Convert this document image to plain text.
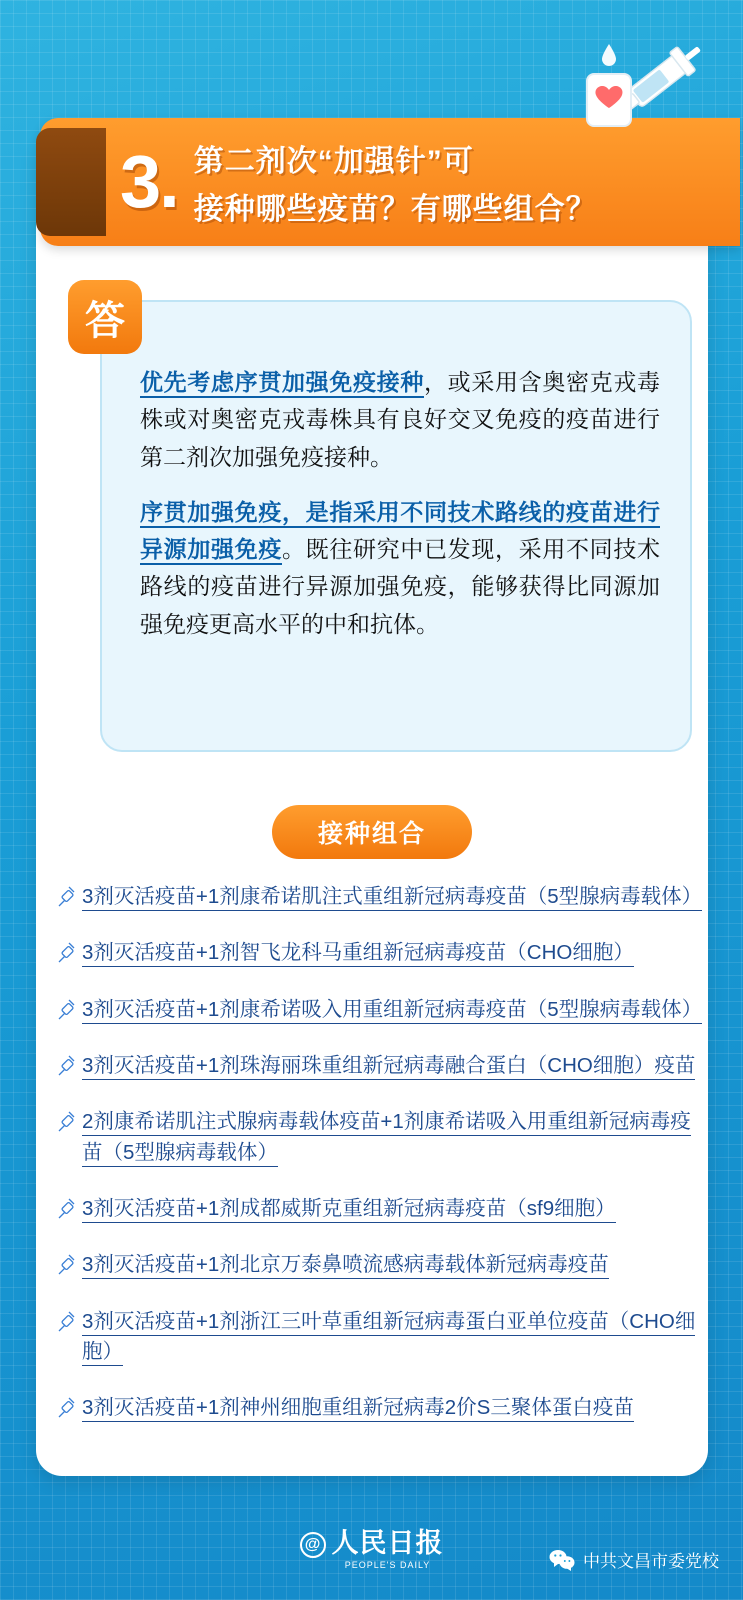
3. 第二剂次“加强针”可
接种哪些疫苗？有哪些组合？

优先考虑序贯加强免疫接种，或采用含奥密克戎毒株或对奥密克戎毒株具有良好交叉免疫的疫苗进行第二剂次加强免疫接种。

序贯加强免疫，是指采用不同技术路线的疫苗进行异源加强免疫。既往研究中已发现，采用不同技术路线的疫苗进行异源加强免疫，能够获得比同源加强免疫更高水平的中和抗体。

答
接种组合
3剂灭活疫苗+1剂康希诺肌注式重组新冠病毒疫苗（5型腺病毒载体）
3剂灭活疫苗+1剂智飞龙科马重组新冠病毒疫苗（CHO细胞）
3剂灭活疫苗+1剂康希诺吸入用重组新冠病毒疫苗（5型腺病毒载体）
3剂灭活疫苗+1剂珠海丽珠重组新冠病毒融合蛋白（CHO细胞）疫苗
2剂康希诺肌注式腺病毒载体疫苗+1剂康希诺吸入用重组新冠病毒疫苗（5型腺病毒载体）
3剂灭活疫苗+1剂成都威斯克重组新冠病毒疫苗（sf9细胞）
3剂灭活疫苗+1剂北京万泰鼻喷流感病毒载体新冠病毒疫苗
3剂灭活疫苗+1剂浙江三叶草重组新冠病毒蛋白亚单位疫苗（CHO细胞）
3剂灭活疫苗+1剂神州细胞重组新冠病毒2价S三聚体蛋白疫苗
@ 人民日报
PEOPLE'S DAILY	中共文昌市委党校
